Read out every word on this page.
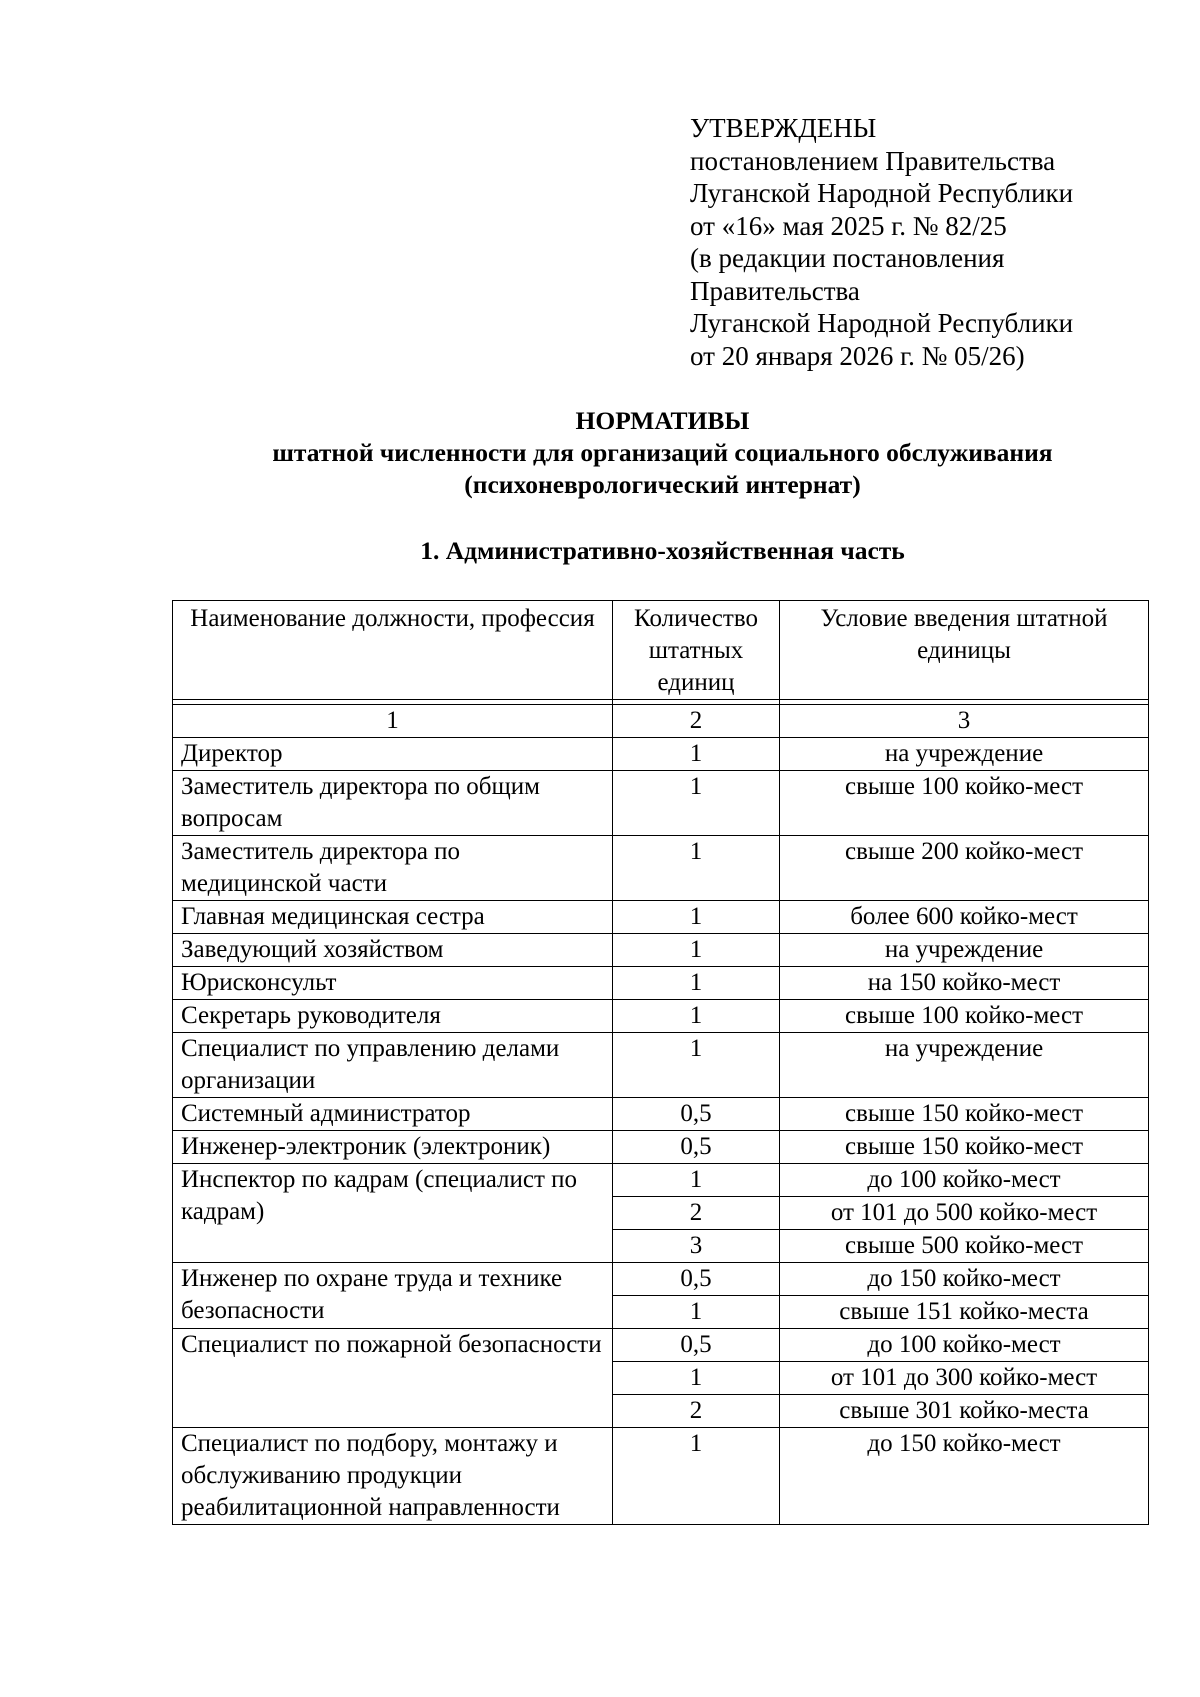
УТВЕРЖДЕНЫ
постановлением Правительства
Луганской Народной Республики
от «16» мая 2025 г. № 82/25
(в редакции постановления
Правительства
Луганской Народной Республики
от 20 января 2026 г. № 05/26)
НОРМАТИВЫ
штатной численности для организаций социального обслуживания
(психоневрологический интернат)
1. Административно-хозяйственная часть
Наименование должности, профессия	Количество штатных единиц	Условие введения штатной единицы

1	2	3
Директор	1	на учреждение
Заместитель директора по общим вопросам	1	свыше 100 койко-мест
Заместитель директора по медицинской части	1	свыше 200 койко-мест
Главная медицинская сестра	1	более 600 койко-мест
Заведующий хозяйством	1	на учреждение
Юрисконсульт	1	на 150 койко-мест
Секретарь руководителя	1	свыше 100 койко-мест
Специалист по управлению делами организации	1	на учреждение
Системный администратор	0,5	свыше 150 койко-мест
Инженер-электроник (электроник)	0,5	свыше 150 койко-мест
Инспектор по кадрам (специалист по кадрам)	1	до 100 койко-мест
	2	от 101 до 500 койко-мест
	3	свыше 500 койко-мест
Инженер по охране труда и технике безопасности	0,5	до 150 койко-мест
	1	свыше 151 койко-места
Специалист по пожарной безопасности	0,5	до 100 койко-мест
	1	от 101 до 300 койко-мест
	2	свыше 301 койко-места
Специалист по подбору, монтажу и обслуживанию продукции реабилитационной направленности	1	до 150 койко-мест
